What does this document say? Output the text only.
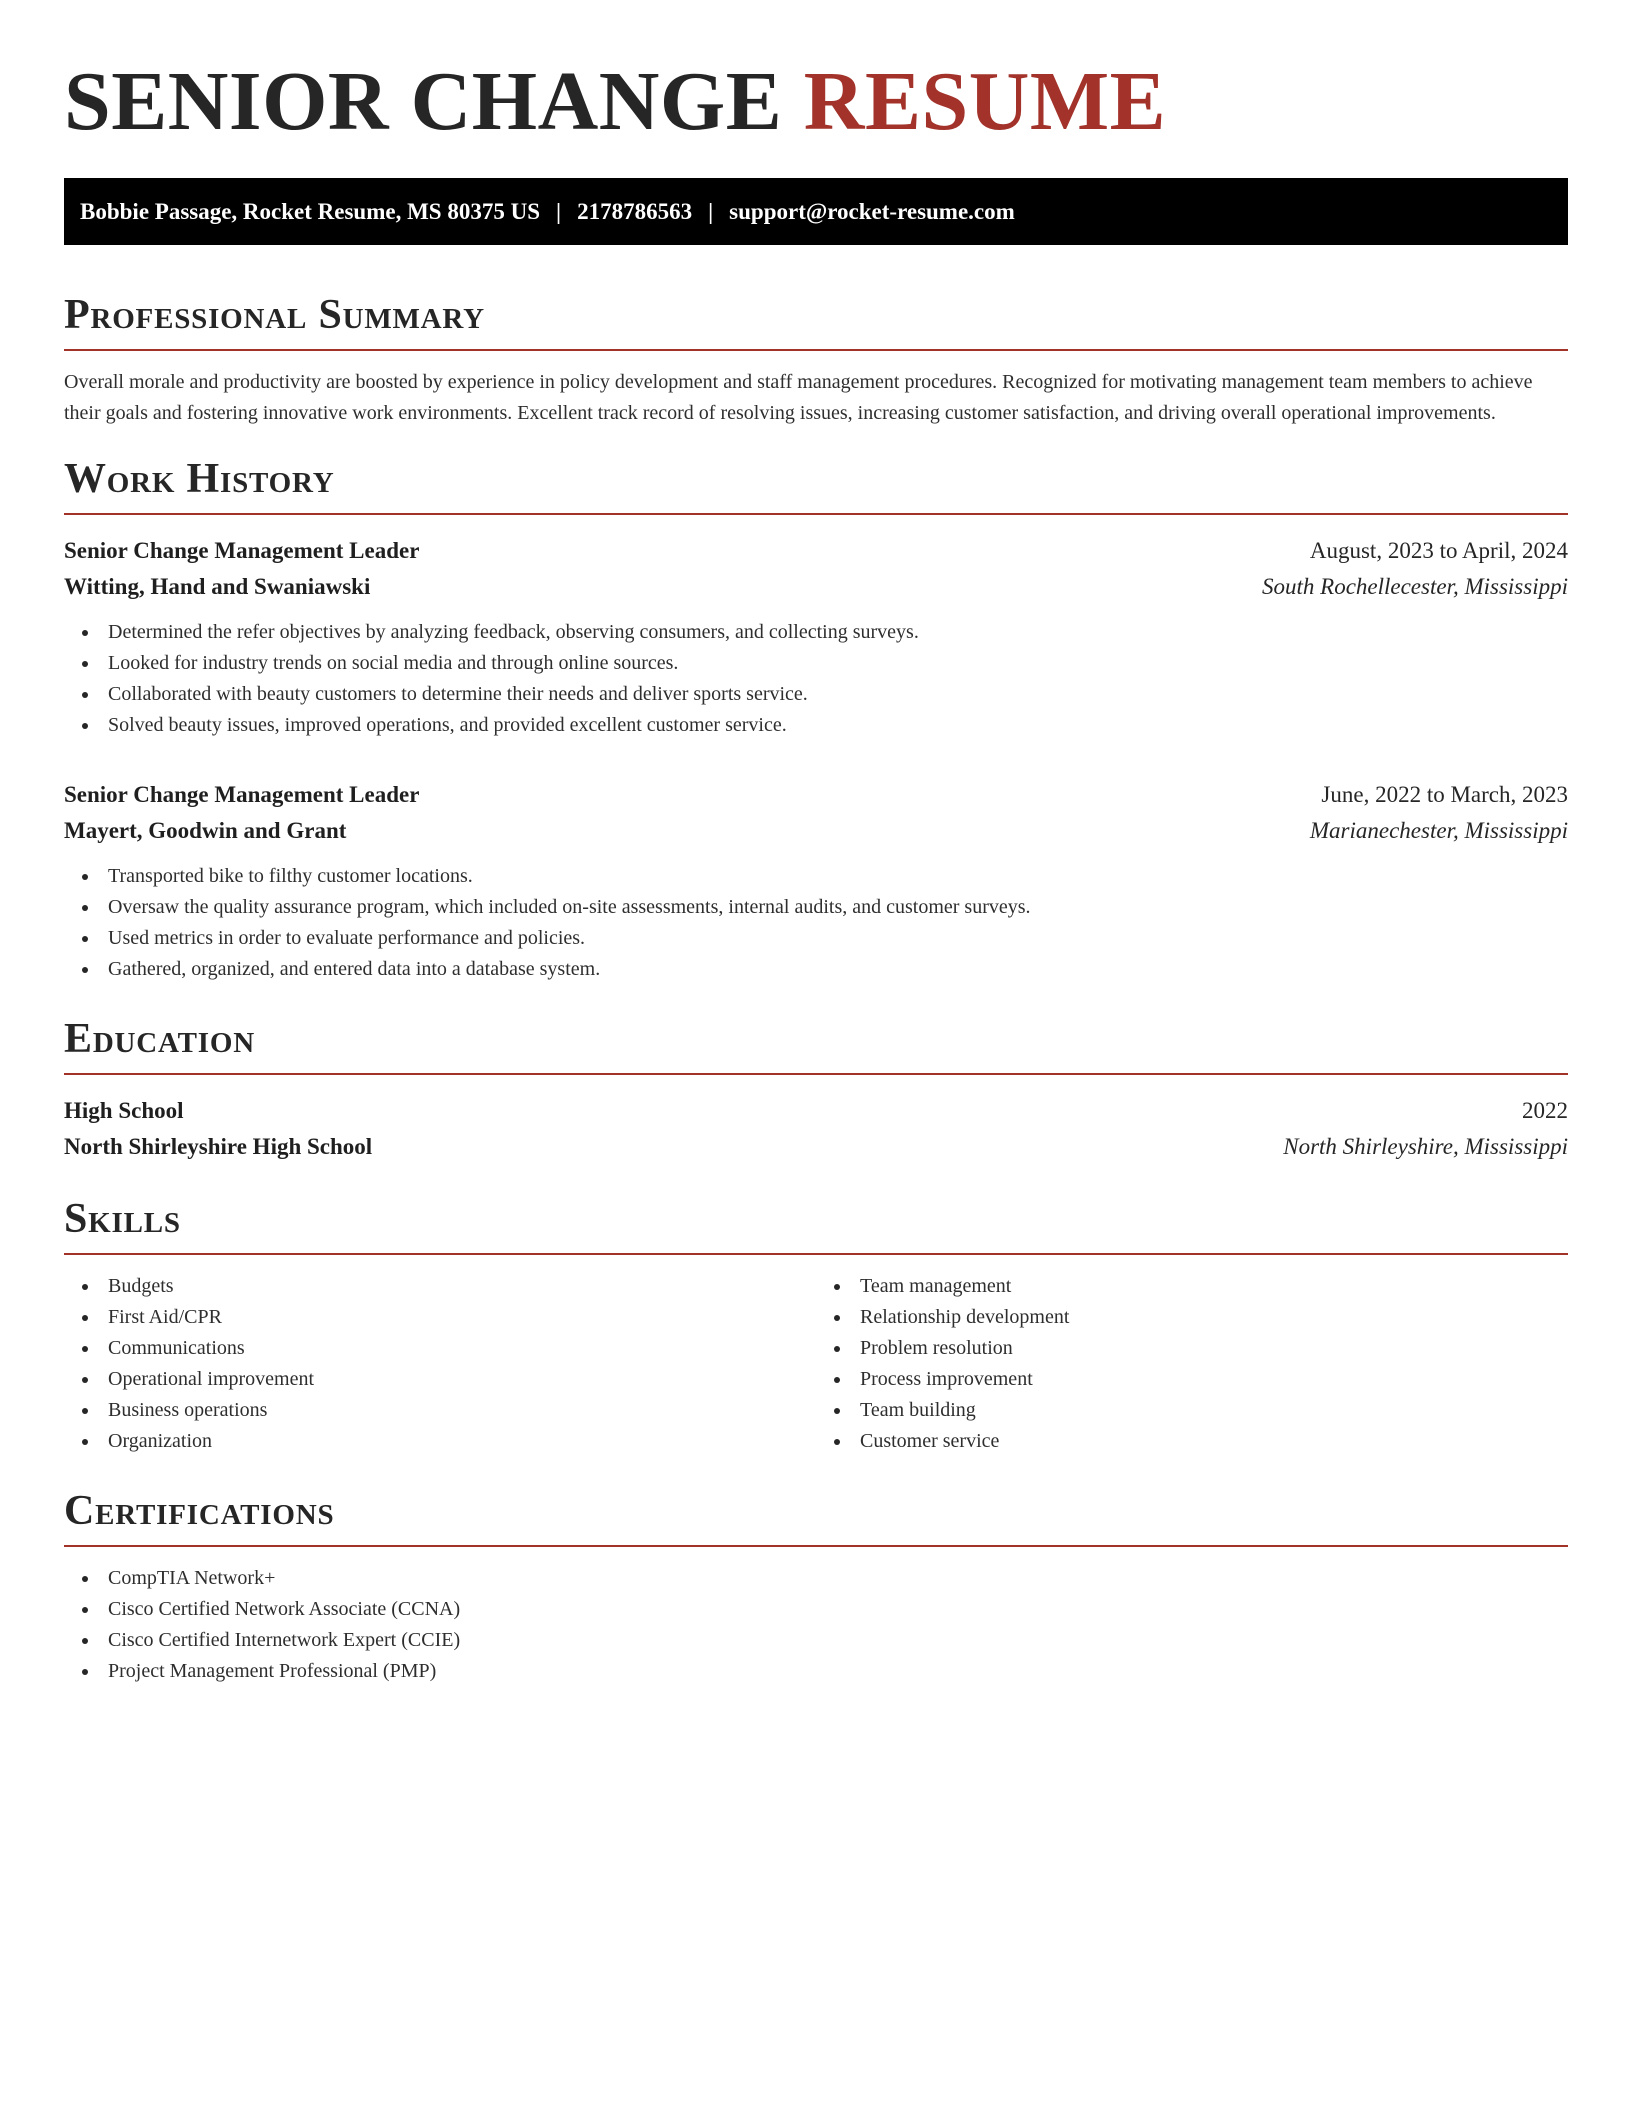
SENIOR CHANGE RESUME
Bobbie Passage, Rocket Resume, MS 80375 US | 2178786563 | support@rocket-resume.com
Professional Summary

Overall morale and productivity are boosted by experience in policy development and staff management procedures. Recognized for motivating management team members to achieve their goals and fostering innovative work environments. Excellent track record of resolving issues, increasing customer satisfaction, and driving overall operational improvements.

Work History
Senior Change Management Leader	August, 2023 to April, 2024
Witting, Hand and Swaniawski	South Rochellecester, Mississippi
Determined the refer objectives by analyzing feedback, observing consumers, and collecting surveys.
Looked for industry trends on social media and through online sources.
Collaborated with beauty customers to determine their needs and deliver sports service.
Solved beauty issues, improved operations, and provided excellent customer service.
Senior Change Management Leader	June, 2022 to March, 2023
Mayert, Goodwin and Grant	Marianechester, Mississippi
Transported bike to filthy customer locations.
Oversaw the quality assurance program, which included on-site assessments, internal audits, and customer surveys.
Used metrics in order to evaluate performance and policies.
Gathered, organized, and entered data into a database system.
Education
High School	2022
North Shirleyshire High School	North Shirleyshire, Mississippi
Skills
Budgets
First Aid/CPR
Communications
Operational improvement
Business operations
Organization
Team management
Relationship development
Problem resolution
Process improvement
Team building
Customer service
Certifications
CompTIA Network+
Cisco Certified Network Associate (CCNA)
Cisco Certified Internetwork Expert (CCIE)
Project Management Professional (PMP)
